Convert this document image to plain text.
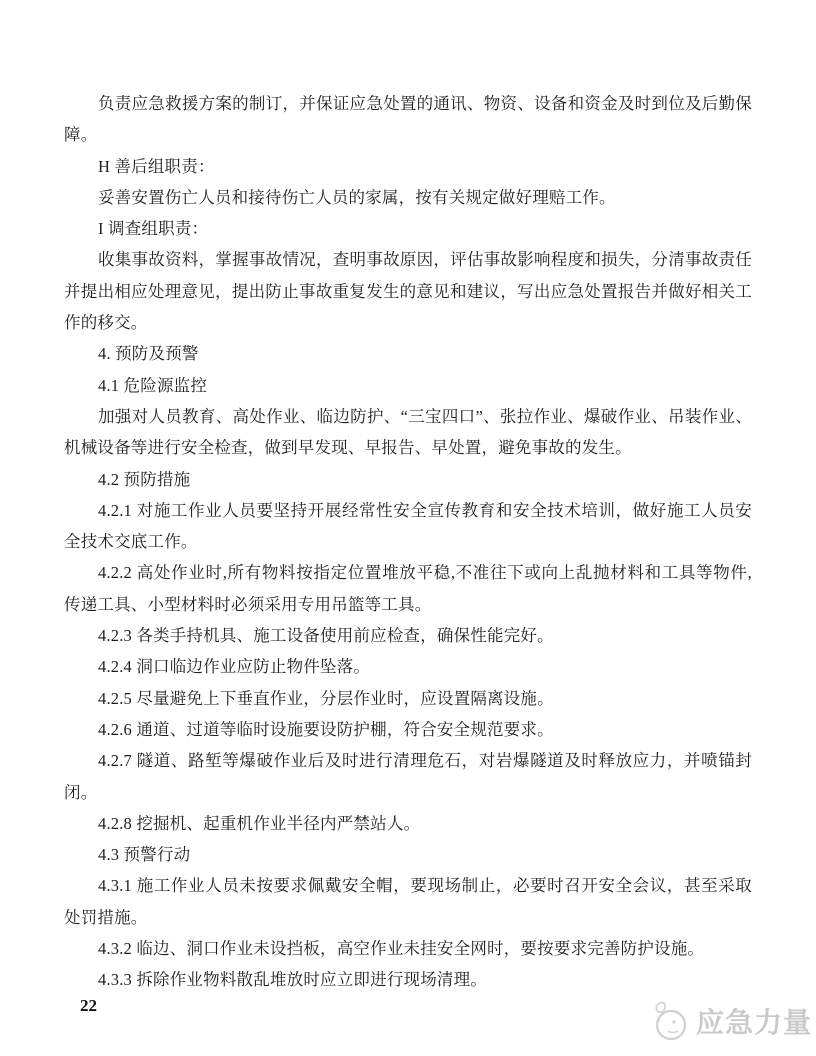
负责应急救援方案的制订，并保证应急处置的通讯、物资、设备和资金及时到位及后勤保
障。
H 善后组职责：
妥善安置伤亡人员和接待伤亡人员的家属，按有关规定做好理赔工作。
I 调查组职责：
收集事故资料，掌握事故情况，查明事故原因，评估事故影响程度和损失，分清事故责任
并提出相应处理意见，提出防止事故重复发生的意见和建议，写出应急处置报告并做好相关工
作的移交。
4. 预防及预警
4.1 危险源监控
加强对人员教育、高处作业、临边防护、“三宝四口”、张拉作业、爆破作业、吊装作业、
机械设备等进行安全检查，做到早发现、早报告、早处置，避免事故的发生。
4.2 预防措施
4.2.1 对施工作业人员要坚持开展经常性安全宣传教育和安全技术培训，做好施工人员安
全技术交底工作。
4.2.2 高处作业时,所有物料按指定位置堆放平稳,不准往下或向上乱抛材料和工具等物件,
传递工具、小型材料时必须采用专用吊篮等工具。
4.2.3 各类手持机具、施工设备使用前应检查，确保性能完好。
4.2.4 洞口临边作业应防止物件坠落。
4.2.5 尽量避免上下垂直作业，分层作业时，应设置隔离设施。
4.2.6 通道、过道等临时设施要设防护棚，符合安全规范要求。
4.2.7 隧道、路堑等爆破作业后及时进行清理危石，对岩爆隧道及时释放应力，并喷锚封
闭。
4.2.8 挖掘机、起重机作业半径内严禁站人。
4.3 预警行动
4.3.1 施工作业人员未按要求佩戴安全帽，要现场制止，必要时召开安全会议，甚至采取
处罚措施。
4.3.2 临边、洞口作业未设挡板，高空作业未挂安全网时，要按要求完善防护设施。
4.3.3 拆除作业物料散乱堆放时应立即进行现场清理。
22
应急力量
